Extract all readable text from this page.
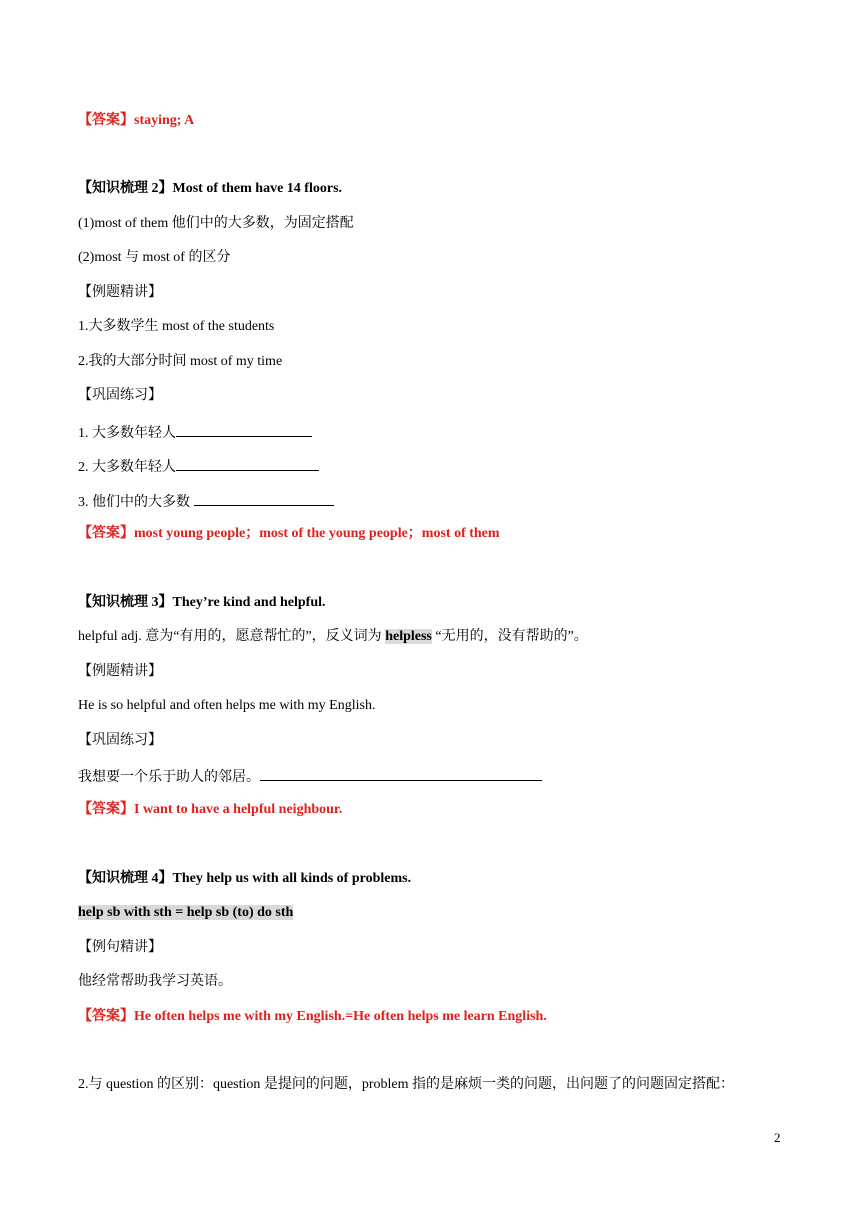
【答案】staying; A
【知识梳理 2】Most of them have 14 floors.
(1)most of them 他们中的大多数，为固定搭配
(2)most 与 most of 的区分
【例题精讲】
1.大多数学生 most of the students
2.我的大部分时间 most of my time
【巩固练习】
1. 大多数年轻人
2. 大多数年轻人
3. 他们中的大多数
【答案】most young people；most of the young people；most of them
【知识梳理 3】They’re kind and helpful.
helpful adj. 意为“有用的，愿意帮忙的”，反义词为 helpless “无用的，没有帮助的”。
【例题精讲】
He is so helpful and often helps me with my English.
【巩固练习】
我想要一个乐于助人的邻居。
【答案】I want to have a helpful neighbour.
【知识梳理 4】They help us with all kinds of problems.
help sb with sth = help sb (to) do sth
【例句精讲】
他经常帮助我学习英语。
【答案】He often helps me with my English.=He often helps me learn English.
2.与 question 的区别：question 是提问的问题，problem 指的是麻烦一类的问题，出问题了的问题固定搭配：
2
